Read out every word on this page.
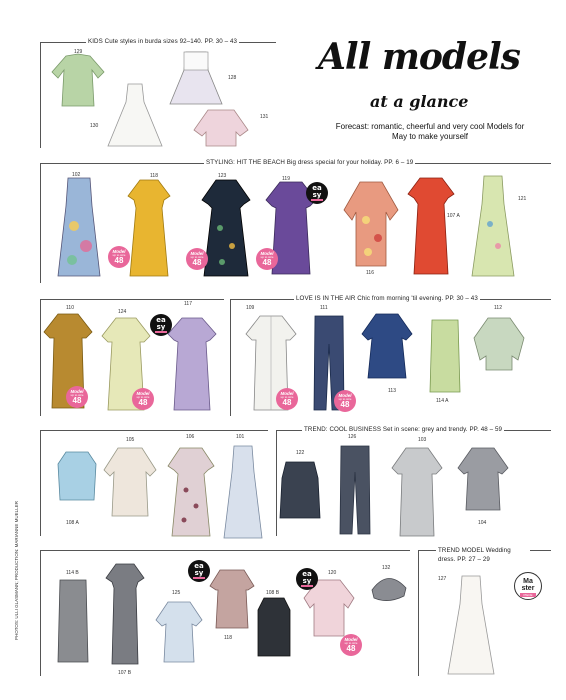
All models
at a glance
Forecast: romantic, cheerful and very cool Models for May to make yourself
PHOTOS: ULLI GLASMANN; PRODUCTION: MARIANNE MUELLER
KIDS Cute styles in burda sizes 92–140. PP. 30 – 43
129
128
130
131
STYLING: HIT THE BEACH Big dress special for your holiday. PP. 6 – 19
102	118	123	119
116
107 A
121
Model
up to size
48
Model
up to size
48
Model
up to size
48
ea
sy
110
124
117
Model
up to size
48
Model
up to size
48
ea
sy
LOVE IS IN THE AIR Chic from morning 'til evening. PP. 30 – 43
109	111
113
114 A
112
Model
up to size
48
Model
up to size
48
108 A
105	106	101
TREND: COOL BUSINESS Set in scene: grey and trendy. PP. 48 – 59
122
126	103
104
114 B
107 B
125
118
108 B
120
132
ea
sy	ea
sy
Model
up to size
48
TREND MODEL Wedding dress. PP. 27 – 29
127	Ma
ster
PIECE
